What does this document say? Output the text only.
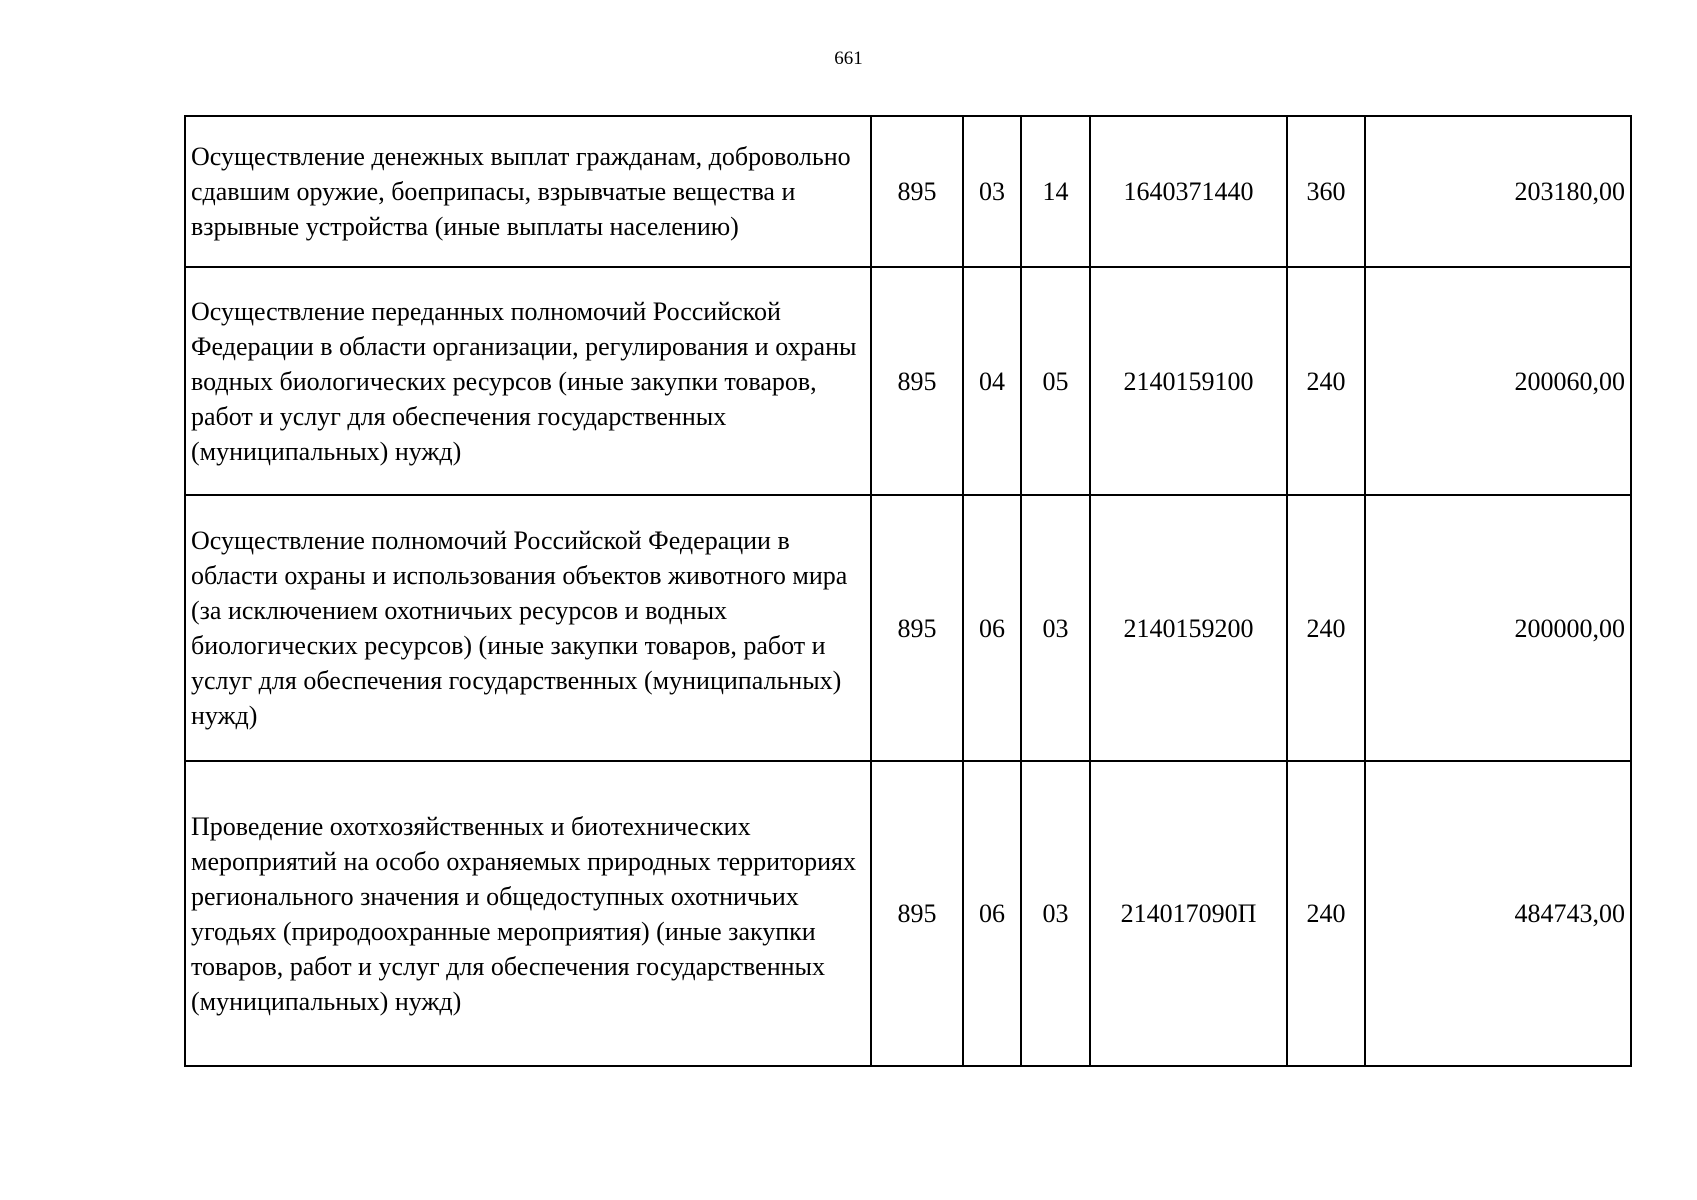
661
Осуществление денежных выплат гражданам, добровольно сдавшим оружие, боеприпасы, взрывчатые вещества и взрывные устройства (иные выплаты населению)	895	03	14	1640371440	360	203180,00
Осуществление переданных полномочий Российской Федерации в области организации, регулирования и охраны водных биологических ресурсов (иные закупки товаров, работ и услуг для обеспечения государственных (муниципальных) нужд)	895	04	05	2140159100	240	200060,00
Осуществление полномочий Российской Федерации в области охраны и использования объектов животного мира (за исключением охотничьих ресурсов и водных биологических ресурсов) (иные закупки товаров, работ и услуг для обеспечения государственных (муниципальных) нужд)	895	06	03	2140159200	240	200000,00
Проведение охотхозяйственных и биотехнических мероприятий на особо охраняемых природных территориях регионального значения и общедоступных охотничьих угодьях (природоохранные мероприятия) (иные закупки товаров, работ и услуг для обеспечения государственных (муниципальных) нужд)	895	06	03	214017090П	240	484743,00
